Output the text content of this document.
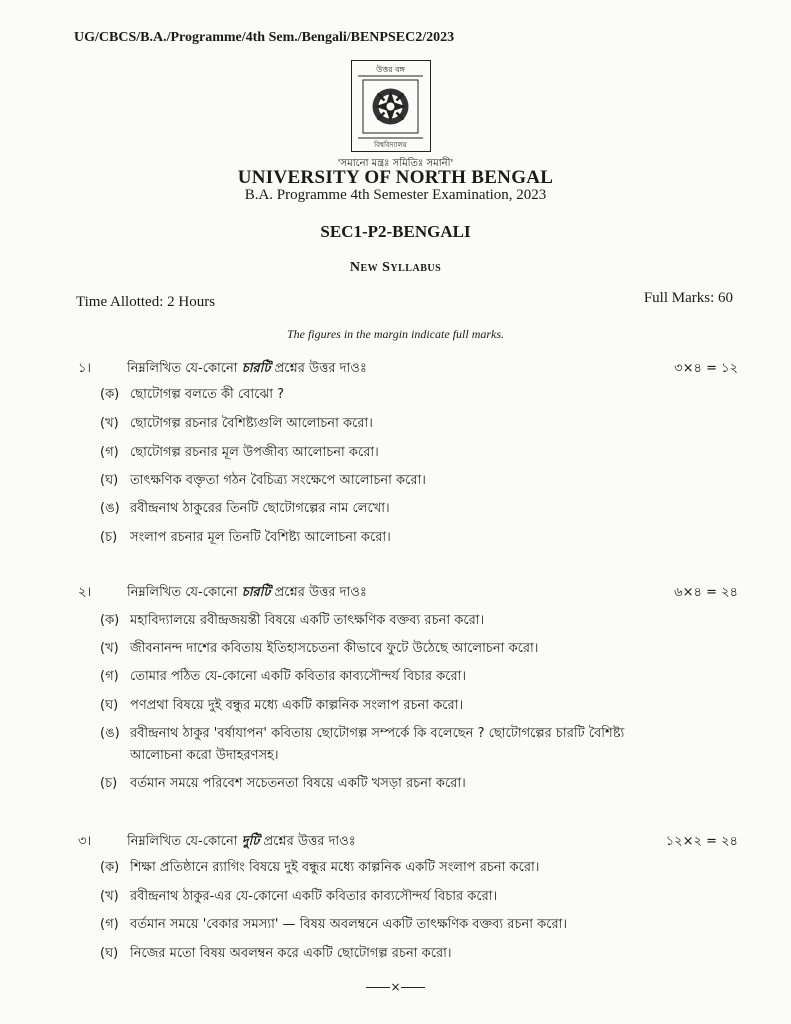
UG/CBCS/B.A./Programme/4th Sem./Bengali/BENPSEC2/2023
উত্তর বঙ্গ
বিশ্ববিদ্যালয়
'সমানো মন্ত্রঃ সমিতিঃ সমানী'
UNIVERSITY OF NORTH BENGAL
B.A. Programme 4th Semester Examination, 2023
SEC1-P2-BENGALI
New Syllabus
Time Allotted: 2 Hours	Full Marks: 60
The figures in the margin indicate full marks.
১।	নিম্নলিখিত যে-কোনো চারটি প্রশ্নের উত্তর দাওঃ	৩×৪ = ১২
(ক) ছোটোগল্প বলতে কী বোঝো ?
(খ) ছোটোগল্প রচনার বৈশিষ্ট্যগুলি আলোচনা করো।
(গ) ছোটোগল্প রচনার মূল উপজীব্য আলোচনা করো।
(ঘ) তাৎক্ষণিক বক্তৃতা গঠন বৈচিত্র্য সংক্ষেপে আলোচনা করো।
(ঙ) রবীন্দ্রনাথ ঠাকুরের তিনটি ছোটোগল্পের নাম লেখো।
(চ) সংলাপ রচনার মূল তিনটি বৈশিষ্ট্য আলোচনা করো।
২।	নিম্নলিখিত যে-কোনো চারটি প্রশ্নের উত্তর দাওঃ	৬×৪ = ২৪
(ক) মহাবিদ্যালয়ে রবীন্দ্রজয়ন্তী বিষয়ে একটি তাৎক্ষণিক বক্তব্য রচনা করো।
(খ) জীবনানন্দ দাশের কবিতায় ইতিহাসচেতনা কীভাবে ফুটে উঠেছে আলোচনা করো।
(গ) তোমার পঠিত যে-কোনো একটি কবিতার কাব্যসৌন্দর্য বিচার করো।
(ঘ) পণপ্রথা বিষয়ে দুই বন্ধুর মধ্যে একটি কাল্পনিক সংলাপ রচনা করো।
(ঙ) রবীন্দ্রনাথ ঠাকুর 'বর্ষাযাপন' কবিতায় ছোটোগল্প সম্পর্কে কি বলেছেন ? ছোটোগল্পের চারটি বৈশিষ্ট্য
আলোচনা করো উদাহরণসহ।
(চ) বর্তমান সময়ে পরিবেশ সচেতনতা বিষয়ে একটি খসড়া রচনা করো।
৩।	নিম্নলিখিত যে-কোনো দুটি প্রশ্নের উত্তর দাওঃ	১২×২ = ২৪
(ক) শিক্ষা প্রতিষ্ঠানে র‍্যাগিং বিষয়ে দুই বন্ধুর মধ্যে কাল্পনিক একটি সংলাপ রচনা করো।
(খ) রবীন্দ্রনাথ ঠাকুর-এর যে-কোনো একটি কবিতার কাব্যসৌন্দর্য বিচার করো।
(গ) বর্তমান সময়ে 'বেকার সমস্যা' — বিষয় অবলম্বনে একটি তাৎক্ষণিক বক্তব্য রচনা করো।
(ঘ) নিজের মতো বিষয় অবলম্বন করে একটি ছোটোগল্প রচনা করো।
×
